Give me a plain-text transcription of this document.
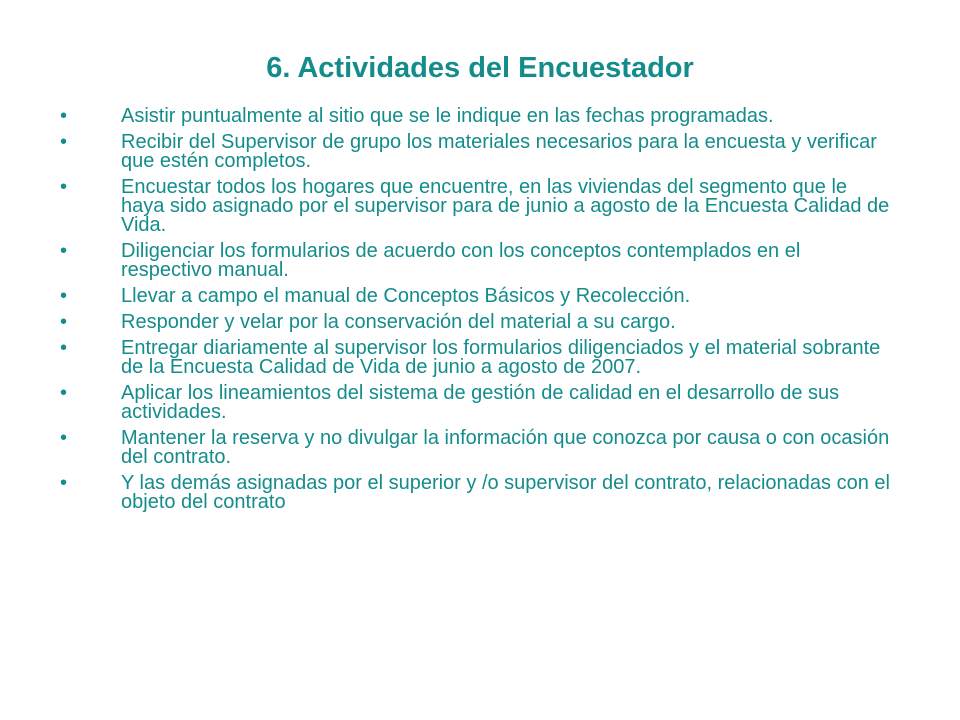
6. Actividades del Encuestador
•	Asistir puntualmente al sitio que se le indique en las fechas programadas.
•	Recibir del Supervisor de grupo los materiales necesarios para la encuesta y verificar que estén completos.
•	Encuestar todos los hogares que encuentre, en las viviendas del segmento que le haya sido asignado por el supervisor para de junio a agosto de la Encuesta Calidad de Vida.
•	Diligenciar los formularios de acuerdo con los conceptos contemplados en el respectivo manual.
•	Llevar a campo el manual de Conceptos Básicos y Recolección.
•	Responder y velar por la conservación del material a su cargo.
•	Entregar diariamente al supervisor los formularios diligenciados y el material sobrante de la Encuesta Calidad de Vida de junio a agosto de 2007.
•	Aplicar los lineamientos del sistema de gestión de calidad en el desarrollo de sus actividades.
•	Mantener la reserva y no divulgar la información que conozca por causa o con ocasión del contrato.
•	Y las demás asignadas por el superior y /o supervisor del contrato, relacionadas con el objeto del contrato
